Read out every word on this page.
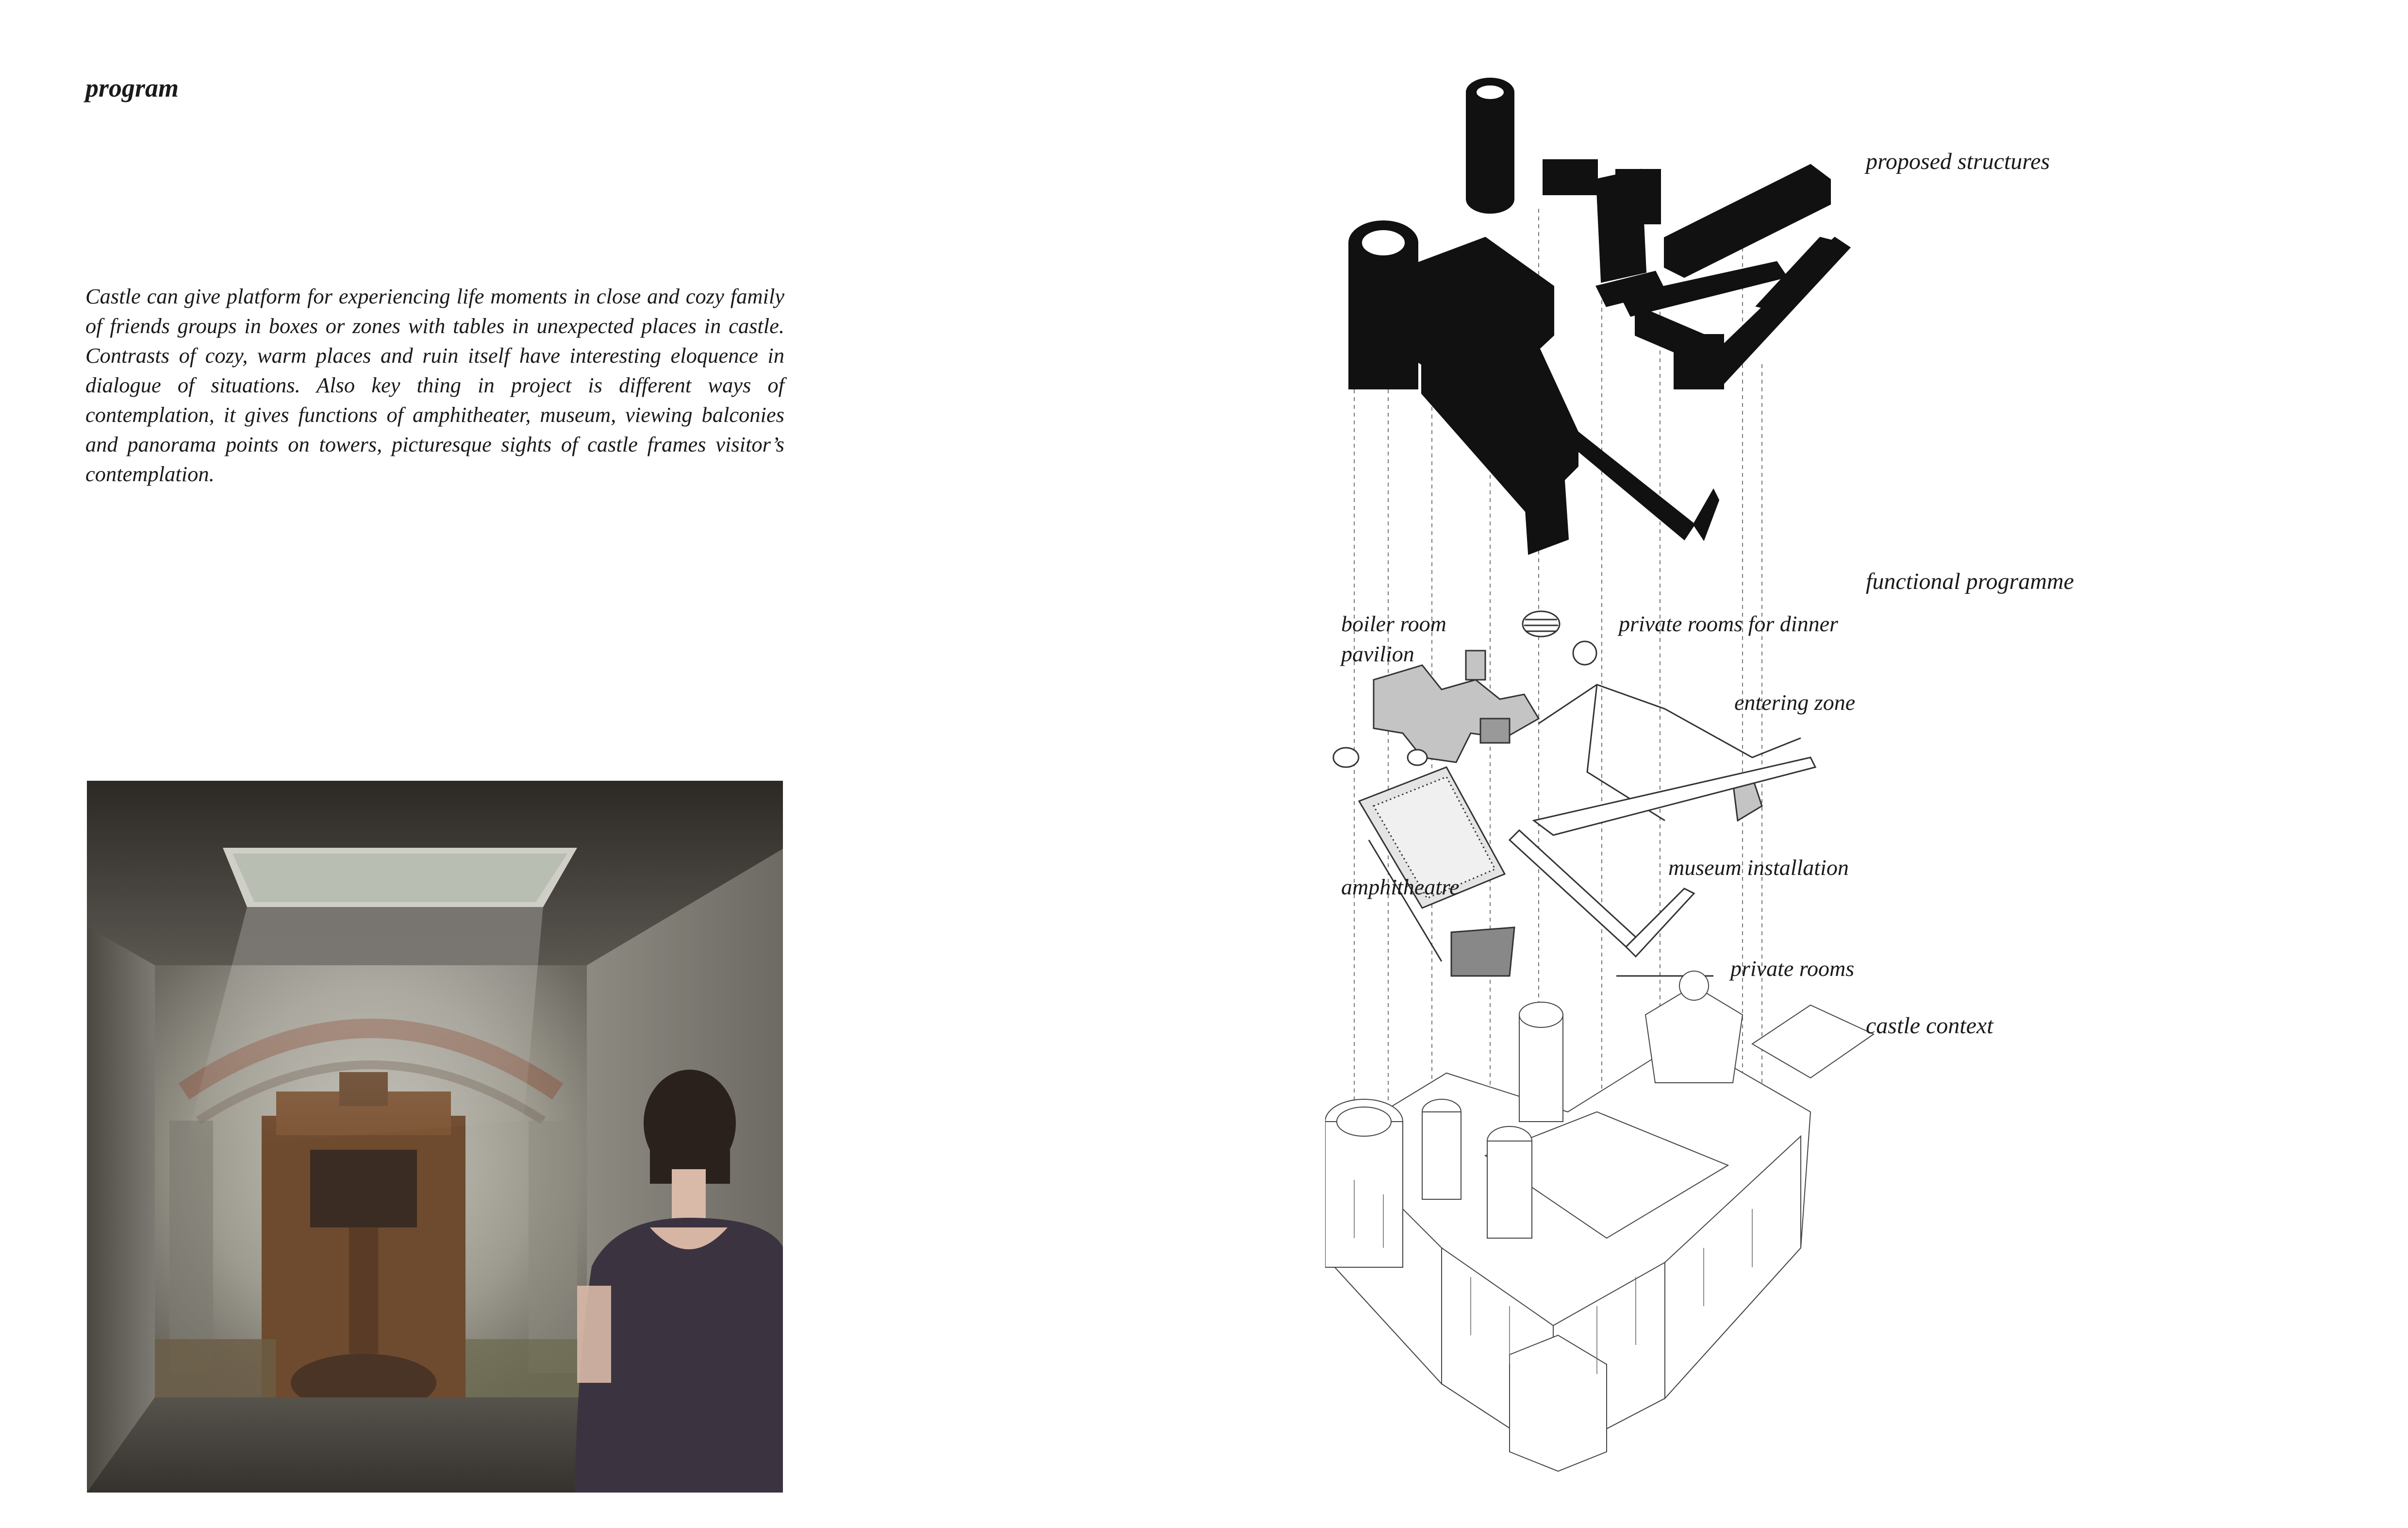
program

Castle can give platform for experiencing life moments in close and cozy family of friends groups in boxes or zones with tables in unexpected places in castle. Contrasts of cozy, warm places and ruin itself have interesting eloquence in dialogue of situations. Also key thing in project is different ways of contemplation, it gives functions of amphitheater, museum, viewing balconies and panorama points on towers, picturesque sights of castle frames visitor’s contemplation.

proposed structures
functional programme
boiler room
pavilion
private rooms for dinner
entering zone
museum installation
amphitheatre
private rooms
castle context
